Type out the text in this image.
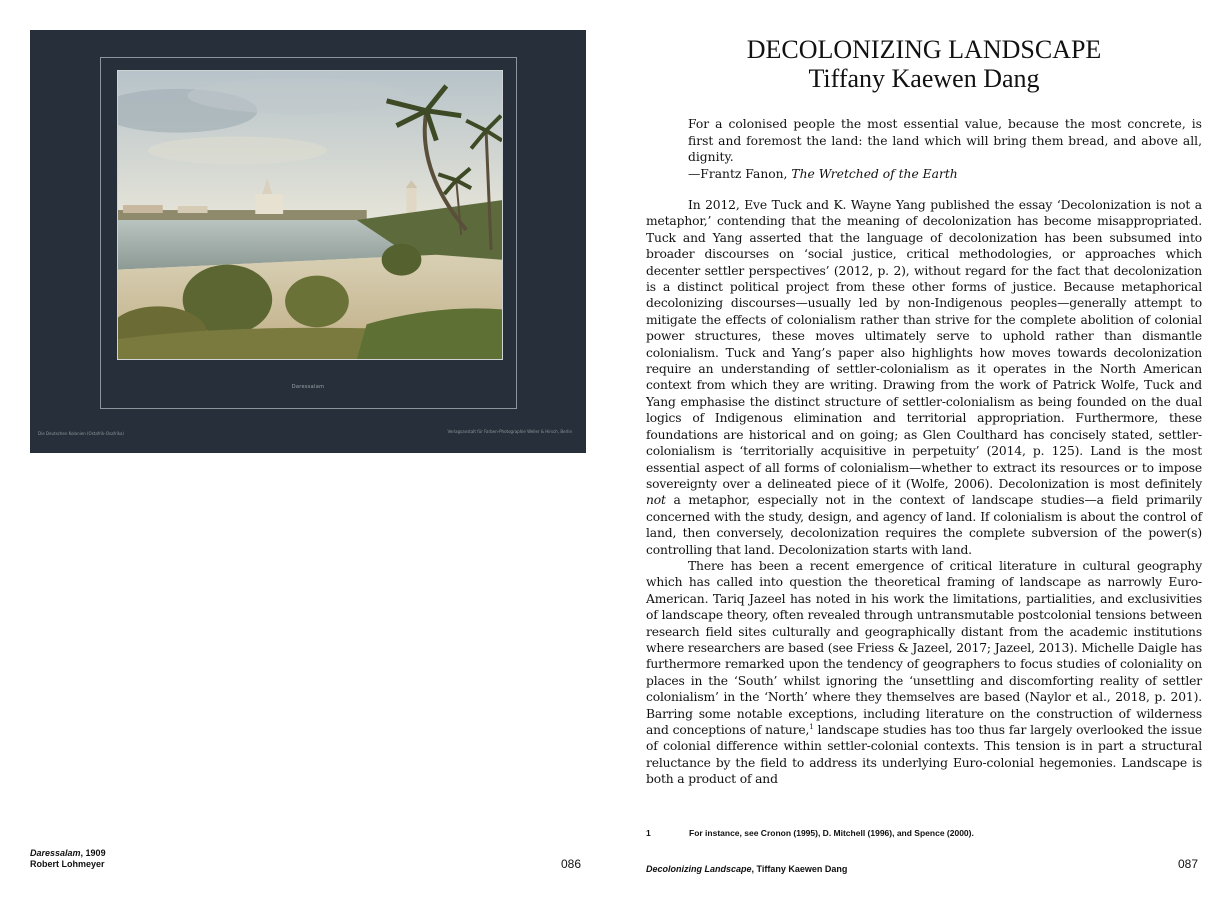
Daressalam
Die Deutschen Kolonien (Ostafrik-Osafrika)	Verlagsanstalt für Farben-Photographie Weller & Hirsch, Berlin
Daressalam, 1909
Robert Lohmeyer	086
DECOLONIZING LANDSCAPE
Tiffany Kaewen Dang

For a colonised people the most essential value, because the most concrete, is first and foremost the land: the land which will bring them bread, and above all, dignity.
—Frantz Fanon, The Wretched of the Earth

In 2012, Eve Tuck and K. Wayne Yang published the essay ‘Decolonization is not a metaphor,’ contending that the meaning of decolonization has become misappropriated. Tuck and Yang asserted that the language of decolonization has been subsumed into broader discourses on ‘social justice, critical methodologies, or approaches which decenter settler perspectives’ (2012, p. 2), without regard for the fact that decolonization is a distinct political project from these other forms of justice. Because metaphorical decolonizing discourses—usually led by non-Indigenous peoples—generally attempt to mitigate the effects of colonialism rather than strive for the complete abolition of colonial power structures, these moves ultimately serve to uphold rather than dismantle colonialism. Tuck and Yang’s paper also highlights how moves towards decolonization require an understanding of settler-colonialism as it operates in the North American context from which they are writing. Drawing from the work of Patrick Wolfe, Tuck and Yang emphasise the distinct structure of settler-colonialism as being founded on the dual logics of Indigenous elimination and territorial appropriation. Furthermore, these foundations are historical and on going; as Glen Coulthard has concisely stated, settler-colonialism is ‘territorially acquisitive in perpetuity’ (2014, p. 125). Land is the most essential aspect of all forms of colonialism—whether to extract its resources or to impose sovereignty over a delineated piece of it (Wolfe, 2006). Decolonization is most definitely not a metaphor, especially not in the context of landscape studies—a field primarily concerned with the study, design, and agency of land. If colonialism is about the control of land, then conversely, decolonization requires the complete subversion of the power(s) controlling that land. Decolonization starts with land.

There has been a recent emergence of critical literature in cultural geography which has called into question the theoretical framing of landscape as narrowly Euro-American. Tariq Jazeel has noted in his work the limitations, partialities, and exclusivities of landscape theory, often revealed through untransmutable postcolonial tensions between research field sites culturally and geographically distant from the academic institutions where researchers are based (see Friess & Jazeel, 2017; Jazeel, 2013). Michelle Daigle has furthermore remarked upon the tendency of geographers to focus studies of coloniality on places in the ‘South’ whilst ignoring the ‘unsettling and discomforting reality of settler colonialism’ in the ‘North’ where they themselves are based (Naylor et al., 2018, p. 201). Barring some notable exceptions, including literature on the construction of wilderness and conceptions of nature,$^1$ landscape studies has too thus far largely overlooked the issue of colonial difference within settler-colonial contexts. This tension is in part a structural reluctance by the field to address its underlying Euro-colonial hegemonies. Landscape is both a product of and

1	For instance, see Cronon (1995), D. Mitchell (1996), and Spence (2000).
Decolonizing Landscape, Tiffany Kaewen Dang	087
